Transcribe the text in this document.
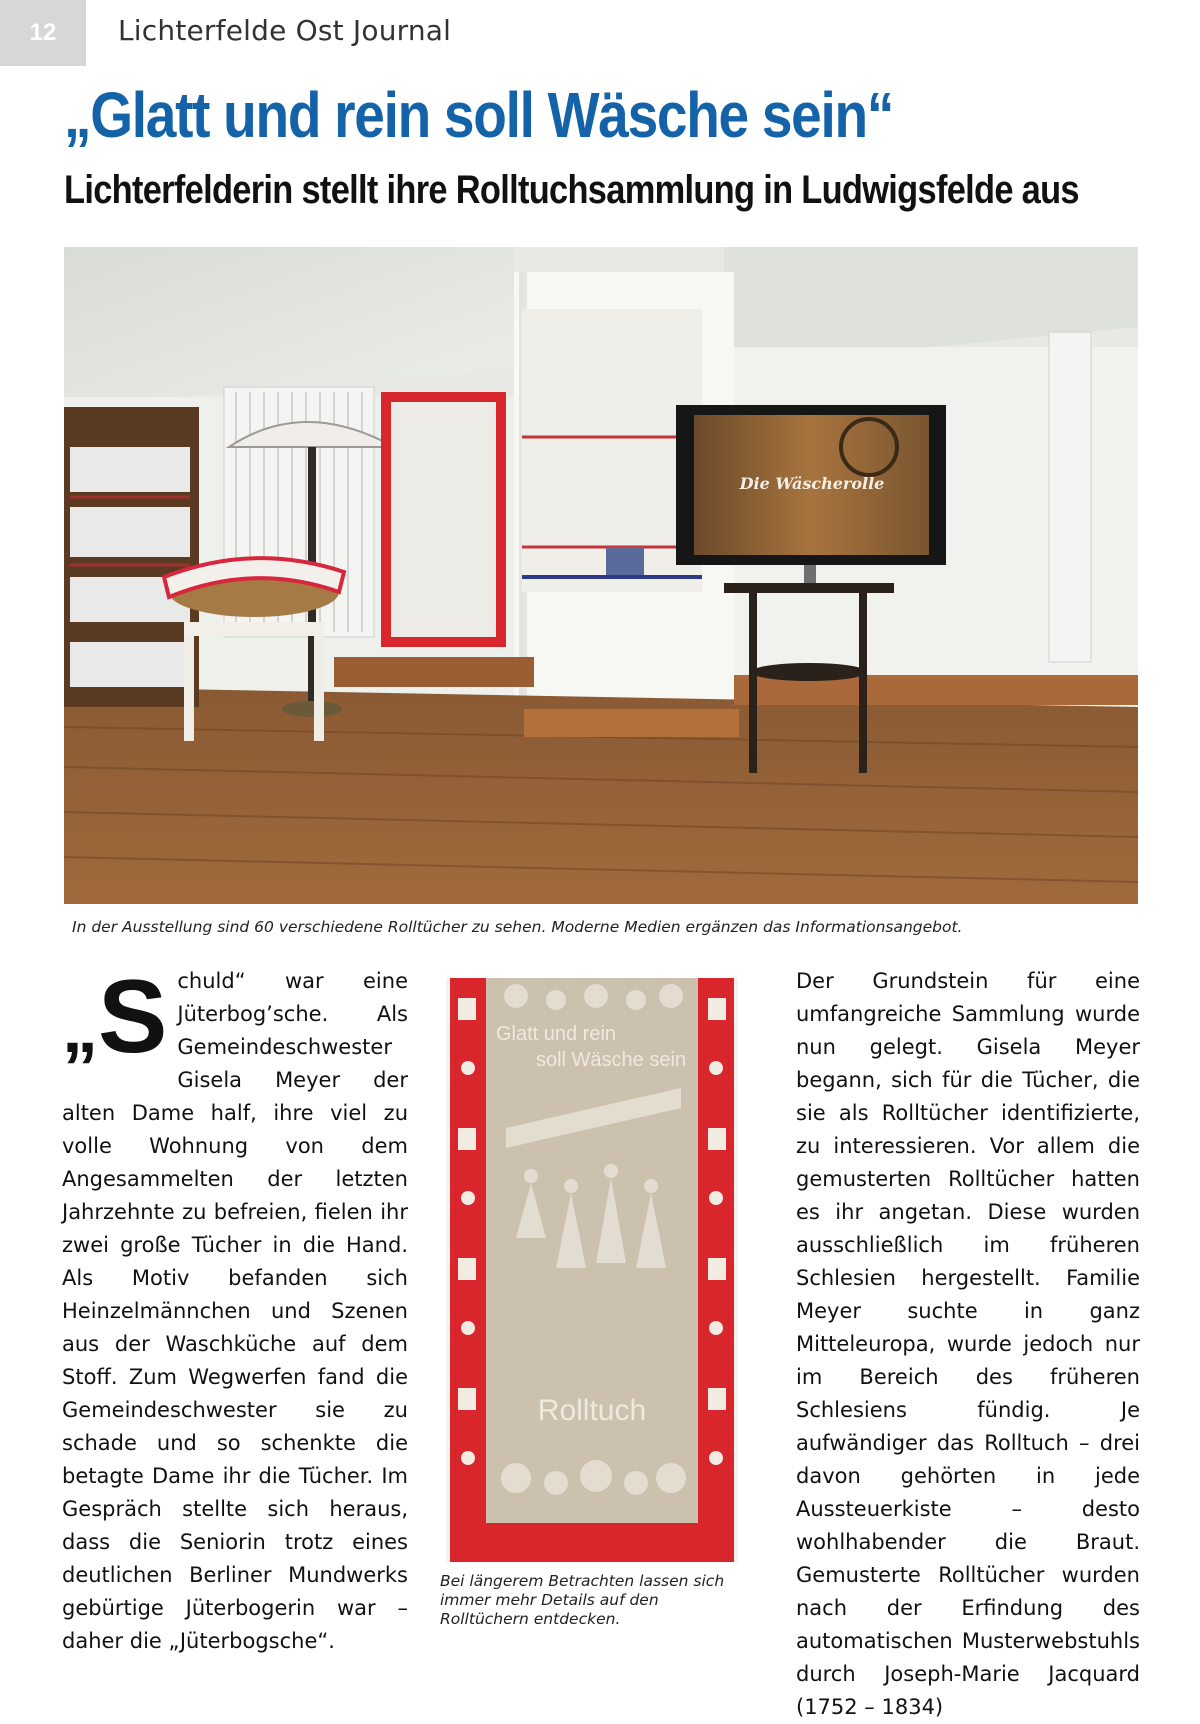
12	Lichterfelde Ost Journal
„Glatt und rein soll Wäsche sein“
Lichterfelderin stellt ihre Rolltuchsammlung in Ludwigsfelde aus
Die Wäscherolle
In der Ausstellung sind 60 verschiedene Rolltücher zu sehen. Moderne Medien ergänzen das Informationsangebot.
„S chuld“ war eine Jüterbog’sche. Als Gemeindeschwester Gisela Meyer der alten Dame half, ihre viel zu volle Wohnung von dem Angesammelten der letzten Jahrzehnte zu befreien, fielen ihr zwei große Tücher in die Hand. Als Motiv befanden sich Heinzelmännchen und Szenen aus der Waschküche auf dem Stoff. Zum Wegwerfen fand die Gemeindeschwester sie zu schade und so schenkte die betagte Dame ihr die Tücher. Im Gespräch stellte sich heraus, dass die Seniorin trotz eines deutlichen Berliner Mundwerks gebürtige Jüterbogerin war – daher die „Jüterbogsche“.
Glatt und rein
soll Wäsche sein
Rolltuch
Bei längerem Betrachten lassen sich immer mehr Details auf den Rolltüchern entdecken.
Der Grundstein für eine umfangreiche Sammlung wurde nun gelegt. Gisela Meyer begann, sich für die Tücher, die sie als Rolltücher identifizierte, zu interessieren. Vor allem die gemusterten Rolltücher hatten es ihr angetan. Diese wurden ausschließlich im früheren Schlesien hergestellt. Familie Meyer suchte in ganz Mitteleuropa, wurde jedoch nur im Bereich des früheren Schlesiens fündig. Je aufwändiger das Rolltuch – drei davon gehörten in jede Aussteuerkiste – desto wohlhabender die Braut. Gemusterte Rolltücher wurden nach der Erfindung des automatischen Musterwebstuhls durch Joseph-Marie Jacquard (1752 – 1834)
